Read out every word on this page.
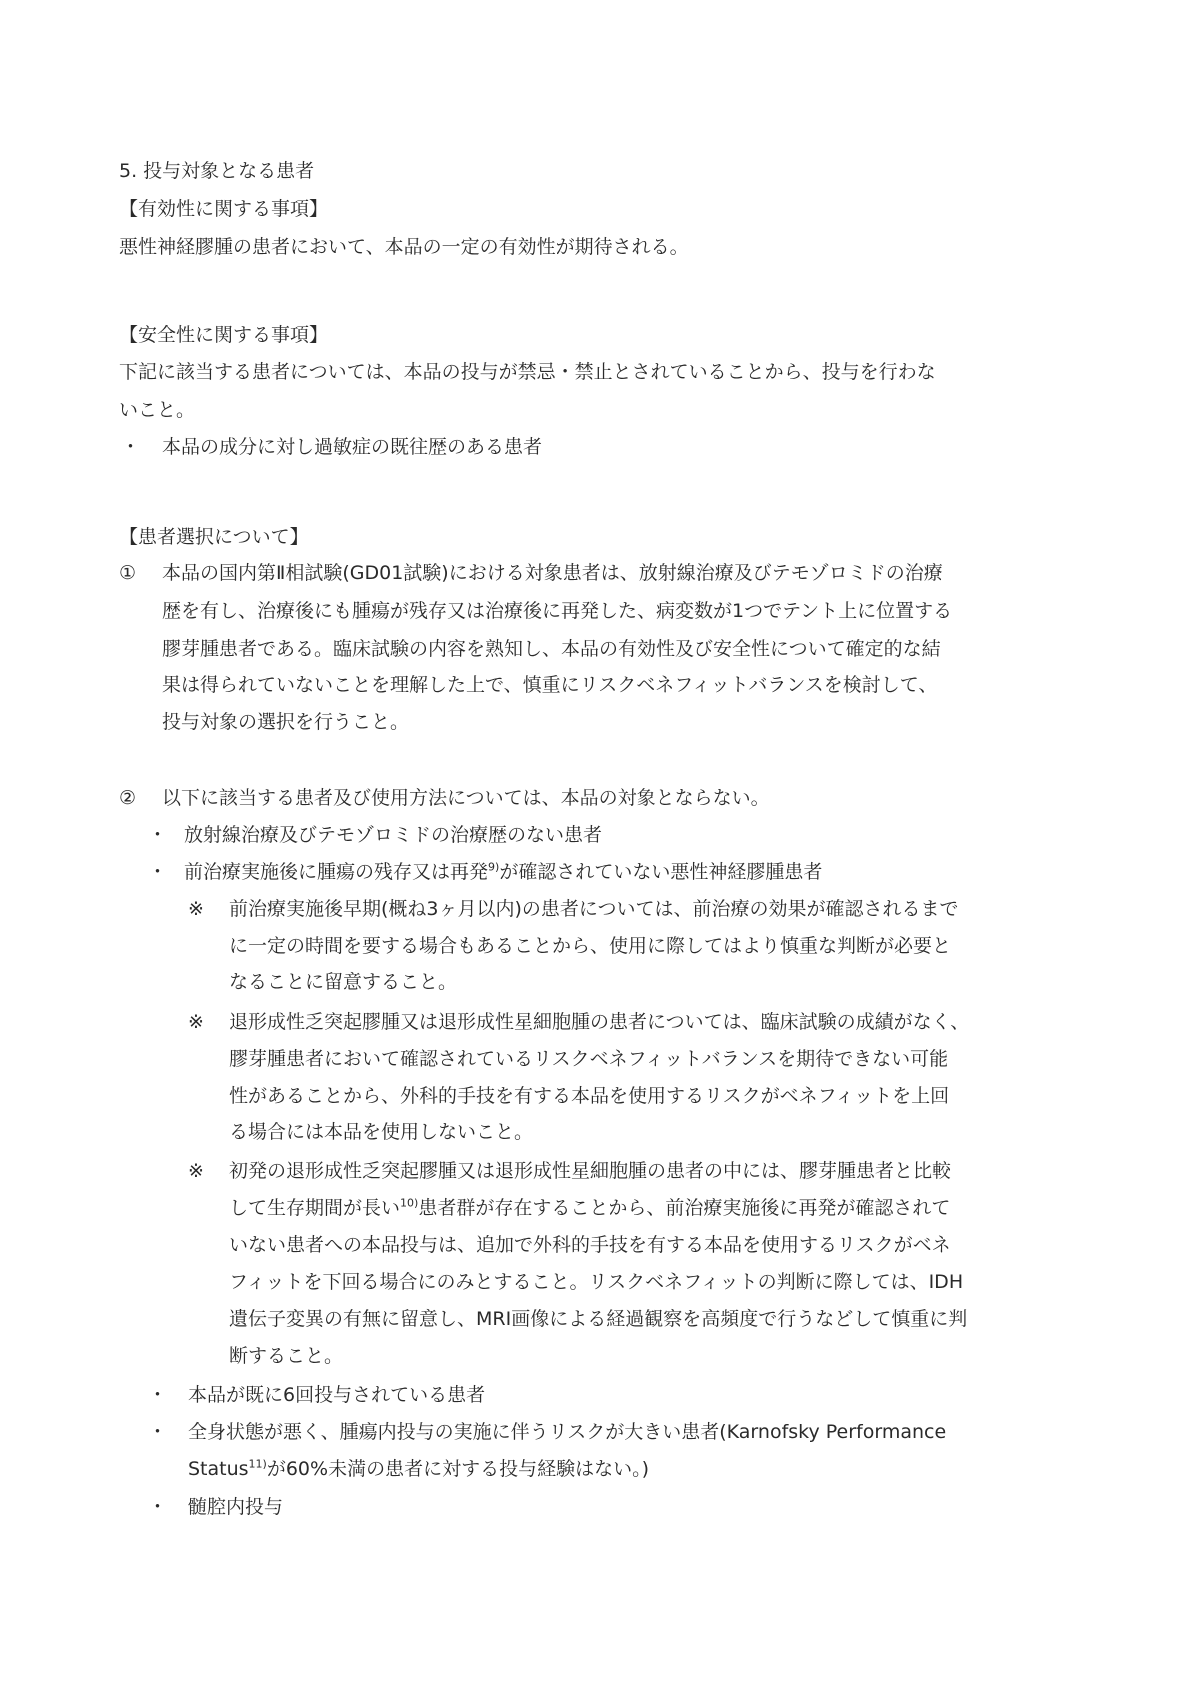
5. 投与対象となる患者
【有効性に関する事項】
悪性神経膠腫の患者において、本品の一定の有効性が期待される。
【安全性に関する事項】
下記に該当する患者については、本品の投与が禁忌・禁止とされていることから、投与を行わな
いこと。
・ 本品の成分に対し過敏症の既往歴のある患者
【患者選択について】
① 本品の国内第Ⅱ相試験(GD01試験)における対象患者は、放射線治療及びテモゾロミドの治療
歴を有し、治療後にも腫瘍が残存又は治療後に再発した、病変数が1つでテント上に位置する
膠芽腫患者である。臨床試験の内容を熟知し、本品の有効性及び安全性について確定的な結
果は得られていないことを理解した上で、慎重にリスクベネフィットバランスを検討して、
投与対象の選択を行うこと。
② 以下に該当する患者及び使用方法については、本品の対象とならない。
・ 放射線治療及びテモゾロミドの治療歴のない患者
・ 前治療実施後に腫瘍の残存又は再発$^{9)}$が確認されていない悪性神経膠腫患者
※ 前治療実施後早期(概ね3ヶ月以内)の患者については、前治療の効果が確認されるまで
に一定の時間を要する場合もあることから、使用に際してはより慎重な判断が必要と
なることに留意すること。
※ 退形成性乏突起膠腫又は退形成性星細胞腫の患者については、臨床試験の成績がなく、
膠芽腫患者において確認されているリスクベネフィットバランスを期待できない可能
性があることから、外科的手技を有する本品を使用するリスクがベネフィットを上回
る場合には本品を使用しないこと。
※ 初発の退形成性乏突起膠腫又は退形成性星細胞腫の患者の中には、膠芽腫患者と比較
して生存期間が長い$^{10)}$患者群が存在することから、前治療実施後に再発が確認されて
いない患者への本品投与は、追加で外科的手技を有する本品を使用するリスクがベネ
フィットを下回る場合にのみとすること。リスクベネフィットの判断に際しては、IDH
遺伝子変異の有無に留意し、MRI画像による経過観察を高頻度で行うなどして慎重に判
断すること。
・ 本品が既に6回投与されている患者
・ 全身状態が悪く、腫瘍内投与の実施に伴うリスクが大きい患者(Karnofsky Performance
Status$^{11)}$が60%未満の患者に対する投与経験はない。)
・ 髄腔内投与
